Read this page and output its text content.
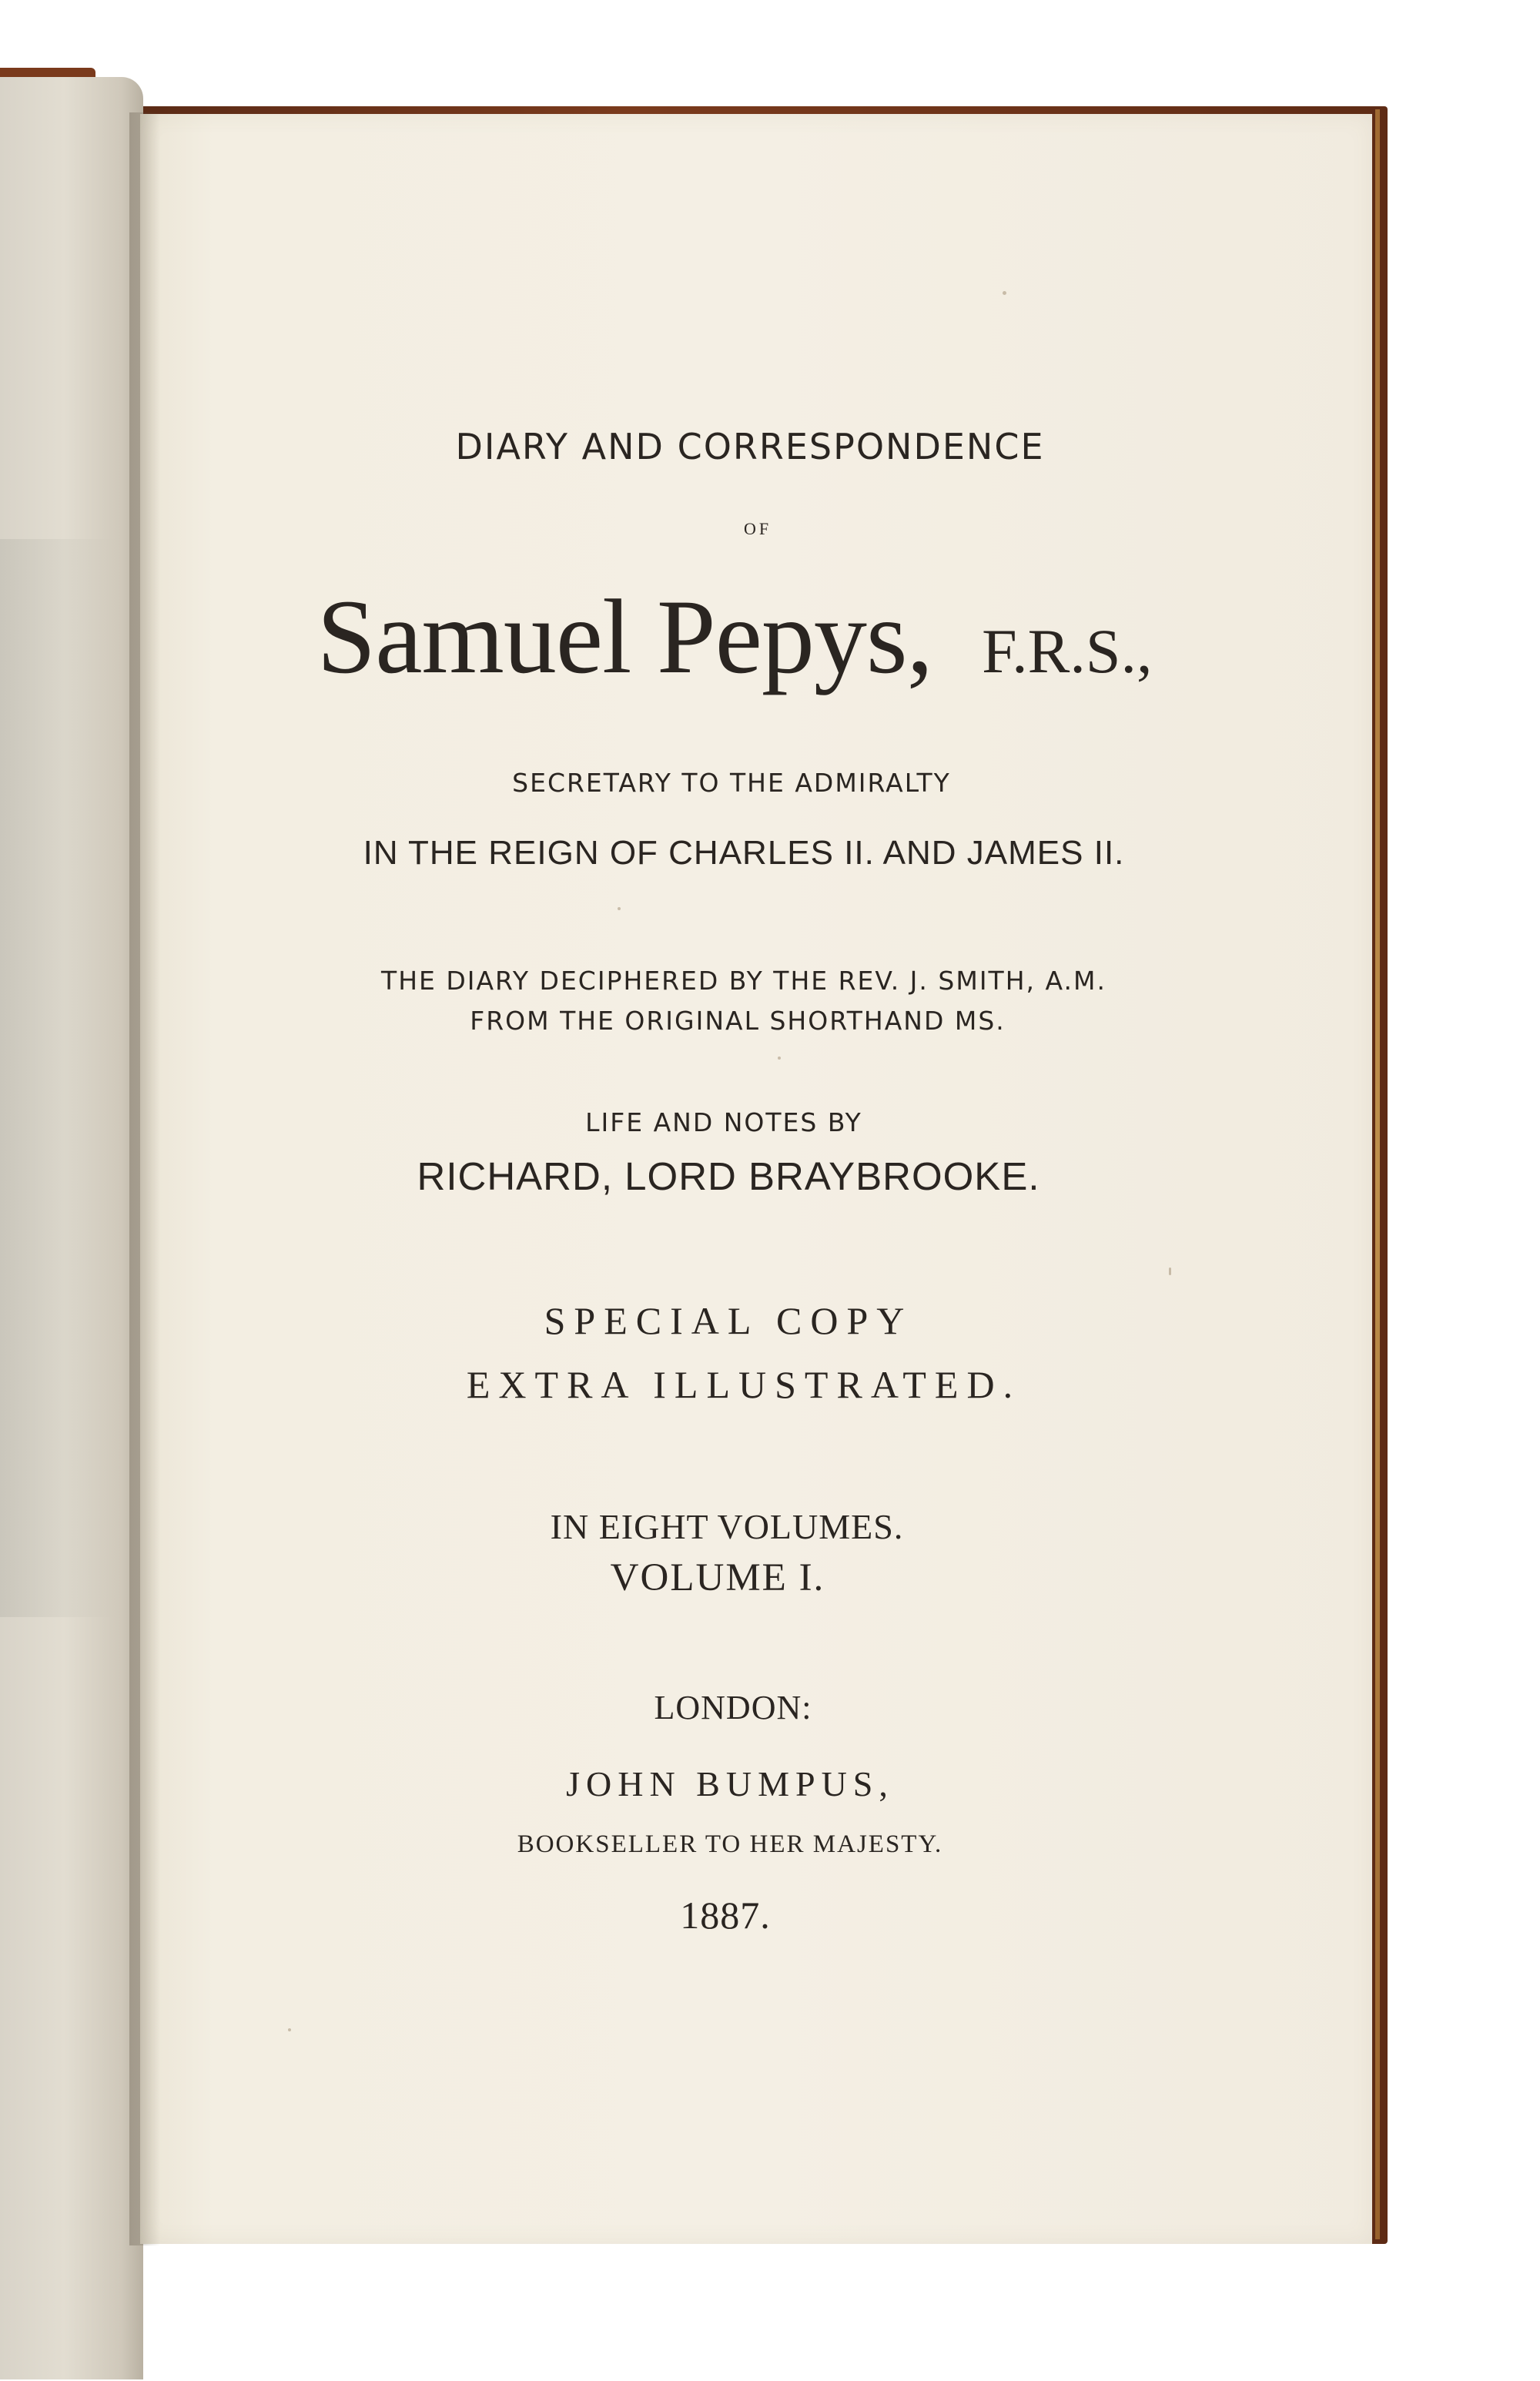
DIARY AND CORRESPONDENCE

OF

Samuel Pepys, F.R.S.,

SECRETARY TO THE ADMIRALTY

IN THE REIGN OF CHARLES II. AND JAMES II.

THE DIARY DECIPHERED BY THE REV. J. SMITH, A.M.

FROM THE ORIGINAL SHORTHAND MS.

LIFE AND NOTES BY

RICHARD, LORD BRAYBROOKE.

SPECIAL COPY

EXTRA ILLUSTRATED.

IN EIGHT VOLUMES.

VOLUME I.

LONDON:

JOHN BUMPUS,

BOOKSELLER TO HER MAJESTY.

1887.
